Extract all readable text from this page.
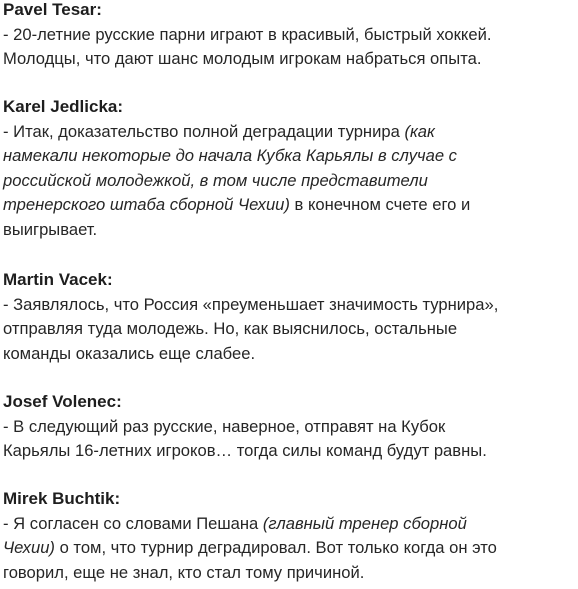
Pavel Tesar:
- 20-летние русские парни играют в красивый, быстрый хоккей.
Молодцы, что дают шанс молодым игрокам набраться опыта.
Karel Jedlicka:
- Итак, доказательство полной деградации турнира (как
намекали некоторые до начала Кубка Карьялы в случае с
российской молодежкой, в том числе представители
тренерского штаба сборной Чехии) в конечном счете его и
выигрывает.
Martin Vacek:
- Заявлялось, что Россия «преуменьшает значимость турнира»,
отправляя туда молодежь. Но, как выяснилось, остальные
команды оказались еще слабее.
Josef Volenec:
- В следующий раз русские, наверное, отправят на Кубок
Карьялы 16-летних игроков… тогда силы команд будут равны.
Mirek Buchtik:
- Я согласен со словами Пешана (главный тренер сборной
Чехии) о том, что турнир деградировал. Вот только когда он это
говорил, еще не знал, кто стал тому причиной.
